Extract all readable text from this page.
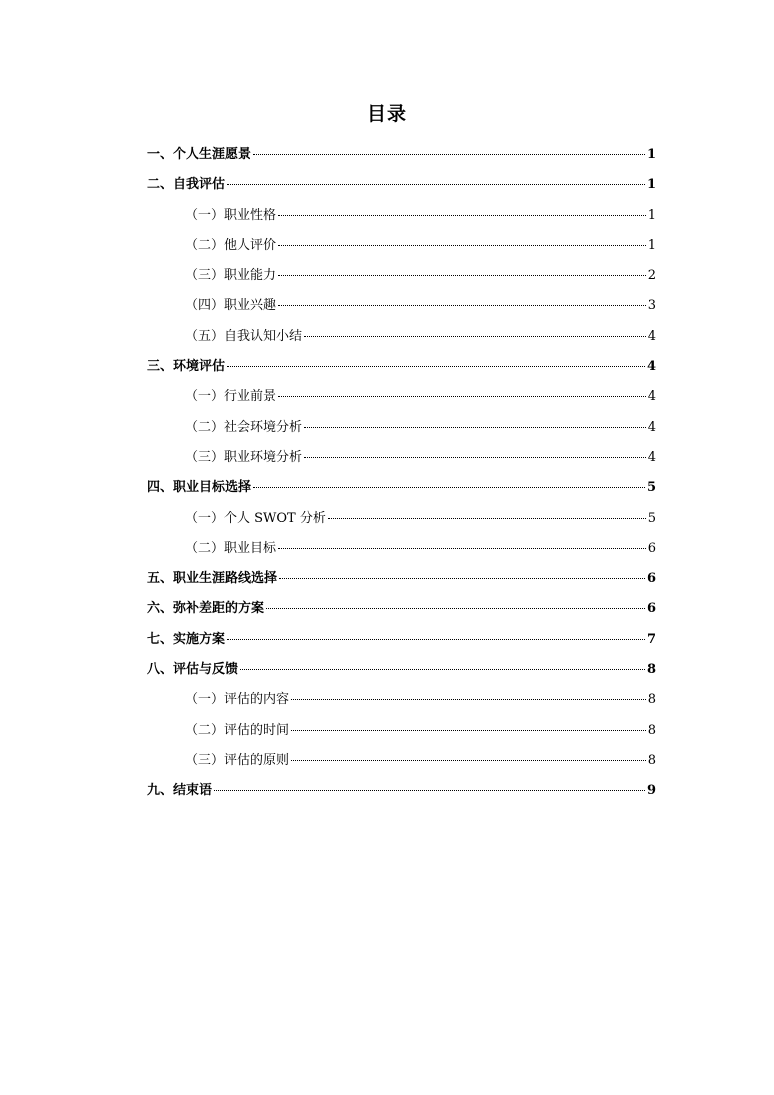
目录
一、个人生涯愿景	1
二、自我评估	1
（一）职业性格	1
（二）他人评价	1
（三）职业能力	2
（四）职业兴趣	3
（五）自我认知小结	4
三、环境评估	4
（一）行业前景	4
（二）社会环境分析	4
（三）职业环境分析	4
四、职业目标选择	5
（一）个人 SWOT 分析	5
（二）职业目标	6
五、职业生涯路线选择	6
六、弥补差距的方案	6
七、实施方案	7
八、评估与反馈	8
（一）评估的内容	8
（二）评估的时间	8
（三）评估的原则	8
九、结束语	9
